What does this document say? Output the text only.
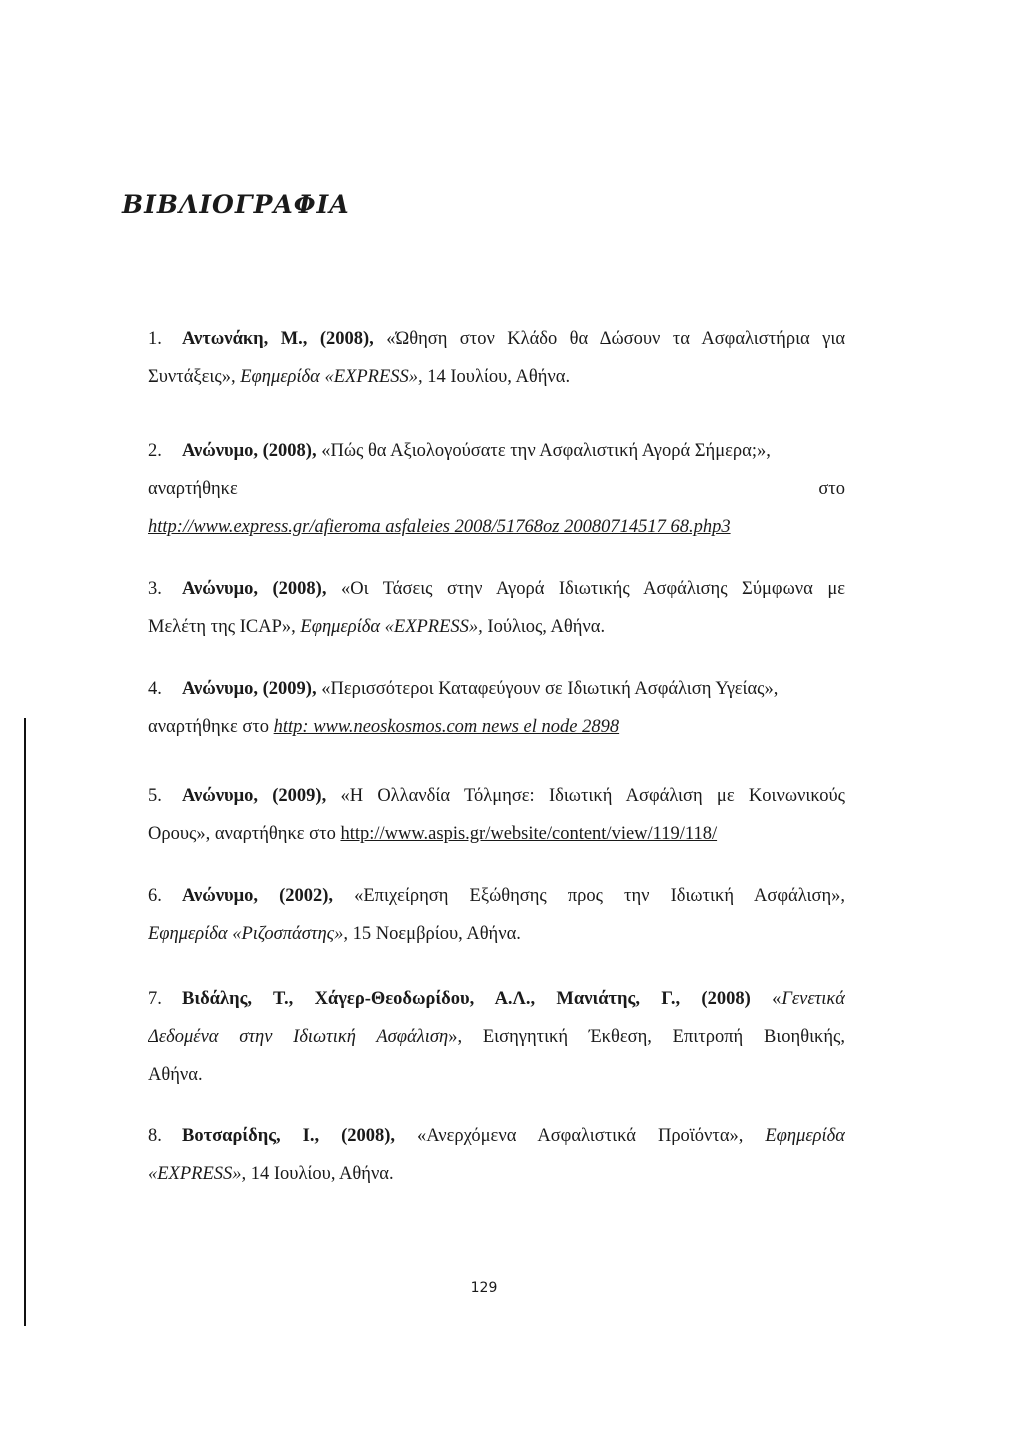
ΒΙΒΛΙΟΓΡΑΦΙΑ
1. Αντωνάκη, Μ., (2008), «Ώθηση στον Κλάδο θα Δώσουν τα Ασφαλιστήρια για
Συντάξεις», Εφημερίδα «EXPRESS», 14 Ιουλίου, Αθήνα.
2. Ανώνυμο, (2008), «Πώς θα Αξιολογούσατε την Ασφαλιστική Αγορά Σήμερα;»,
αναρτήθηκε	στο
http://www.express.gr/afieroma asfaleies 2008/51768oz 20080714517 68.php3
3. Ανώνυμο, (2008), «Οι Τάσεις στην Αγορά Ιδιωτικής Ασφάλισης Σύμφωνα με
Μελέτη της ICAP», Εφημερίδα «EXPRESS», Ιούλιος, Αθήνα.
4. Ανώνυμο, (2009), «Περισσότεροι Καταφεύγουν σε Ιδιωτική Ασφάλιση Υγείας»,
αναρτήθηκε στο http: www.neoskosmos.com news el node 2898
5. Ανώνυμο, (2009), «Η Ολλανδία Τόλμησε: Ιδιωτική Ασφάλιση με Κοινωνικούς
Ορους», αναρτήθηκε στο http://www.aspis.gr/website/content/view/119/118/
6. Ανώνυμο, (2002), «Επιχείρηση Εξώθησης προς την Ιδιωτική Ασφάλιση»,
Εφημερίδα «Ριζοσπάστης», 15 Νοεμβρίου, Αθήνα.
7. Βιδάλης, Τ., Χάγερ-Θεοδωρίδου, Α.Λ., Μανιάτης, Γ., (2008) «Γενετικά
Δεδομένα στην Ιδιωτική Ασφάλιση», Εισηγητική Έκθεση, Επιτροπή Βιοηθικής,
Αθήνα.
8. Βοτσαρίδης, Ι., (2008), «Ανερχόμενα Ασφαλιστικά Προϊόντα», Εφημερίδα
«EXPRESS», 14 Ιουλίου, Αθήνα.
129
